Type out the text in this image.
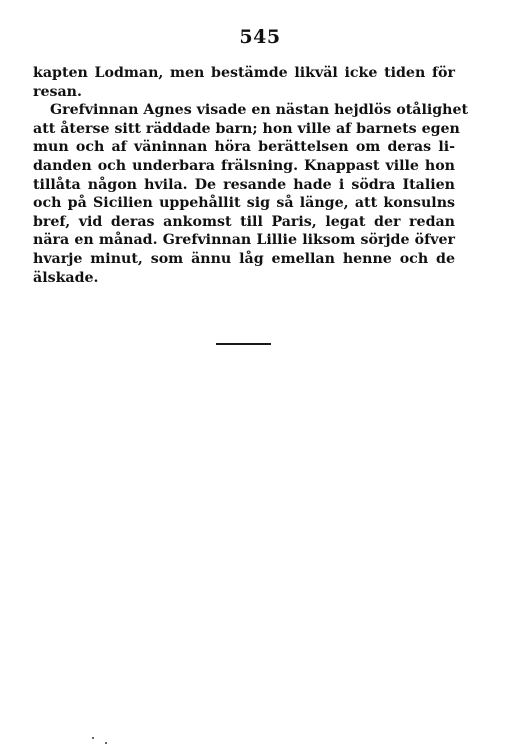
545
kapten Lodman, men bestämde likväl icke tiden för
resan.
Grefvinnan Agnes visade en nästan hejdlös otålighet
att återse sitt räddade barn; hon ville af barnets egen
mun och af väninnan höra berättelsen om deras li-
danden och underbara frälsning. Knappast ville hon
tillåta någon hvila. De resande hade i södra Italien
och på Sicilien uppehållit sig så länge, att konsulns
bref, vid deras ankomst till Paris, legat der redan
nära en månad. Grefvinnan Lillie liksom sörjde öfver
hvarje minut, som ännu låg emellan henne och de
älskade.
